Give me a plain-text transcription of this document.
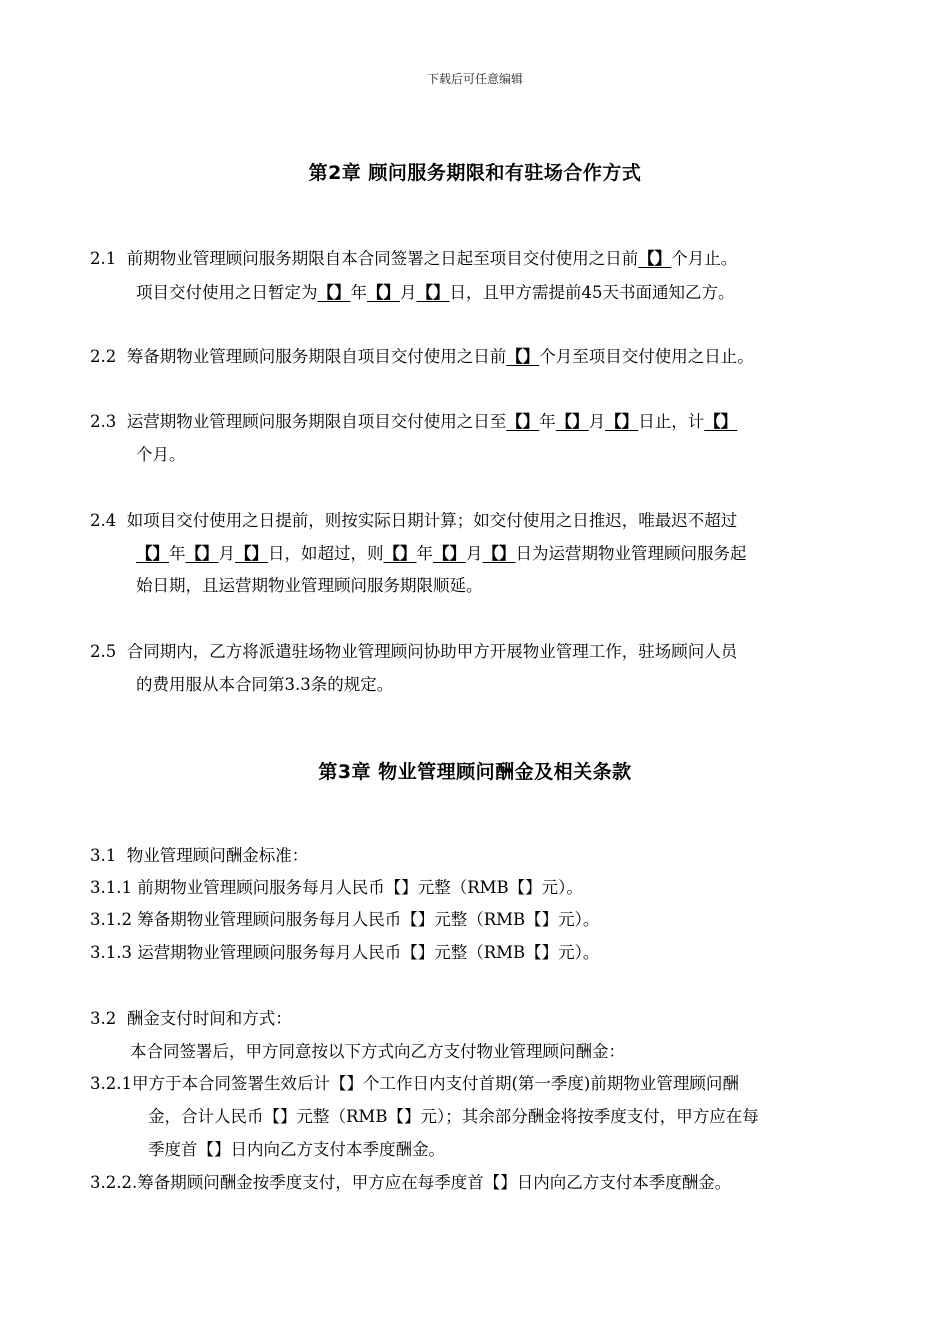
下载后可任意编辑
第2章 顾问服务期限和有驻场合作方式
2.1 前期物业管理顾问服务期限自本合同签署之日起至项目交付使用之日前【】个月止。
项目交付使用之日暂定为【】年【】月【】日，且甲方需提前45天书面通知乙方。
2.2 筹备期物业管理顾问服务期限自项目交付使用之日前【】个月至项目交付使用之日止。
2.3 运营期物业管理顾问服务期限自项目交付使用之日至【】年【】月【】日止，计【】
个月。
2.4 如项目交付使用之日提前，则按实际日期计算；如交付使用之日推迟，唯最迟不超过
【】年【】月【】日，如超过，则【】年【】月【】日为运营期物业管理顾问服务起
始日期，且运营期物业管理顾问服务期限顺延。
2.5 合同期内，乙方将派遣驻场物业管理顾问协助甲方开展物业管理工作，驻场顾问人员
的费用服从本合同第3.3条的规定。
第3章 物业管理顾问酬金及相关条款
3.1 物业管理顾问酬金标准：
3.1.1 前期物业管理顾问服务每月人民币【】元整（RMB【】元）。
3.1.2 筹备期物业管理顾问服务每月人民币【】元整（RMB【】元）。
3.1.3 运营期物业管理顾问服务每月人民币【】元整（RMB【】元）。
3.2 酬金支付时间和方式：
本合同签署后，甲方同意按以下方式向乙方支付物业管理顾问酬金：
3.2.1甲方于本合同签署生效后计【】个工作日内支付首期(第一季度)前期物业管理顾问酬
金，合计人民币【】元整（RMB【】元）；其余部分酬金将按季度支付，甲方应在每
季度首【】日内向乙方支付本季度酬金。
3.2.2.筹备期顾问酬金按季度支付，甲方应在每季度首【】日内向乙方支付本季度酬金。
